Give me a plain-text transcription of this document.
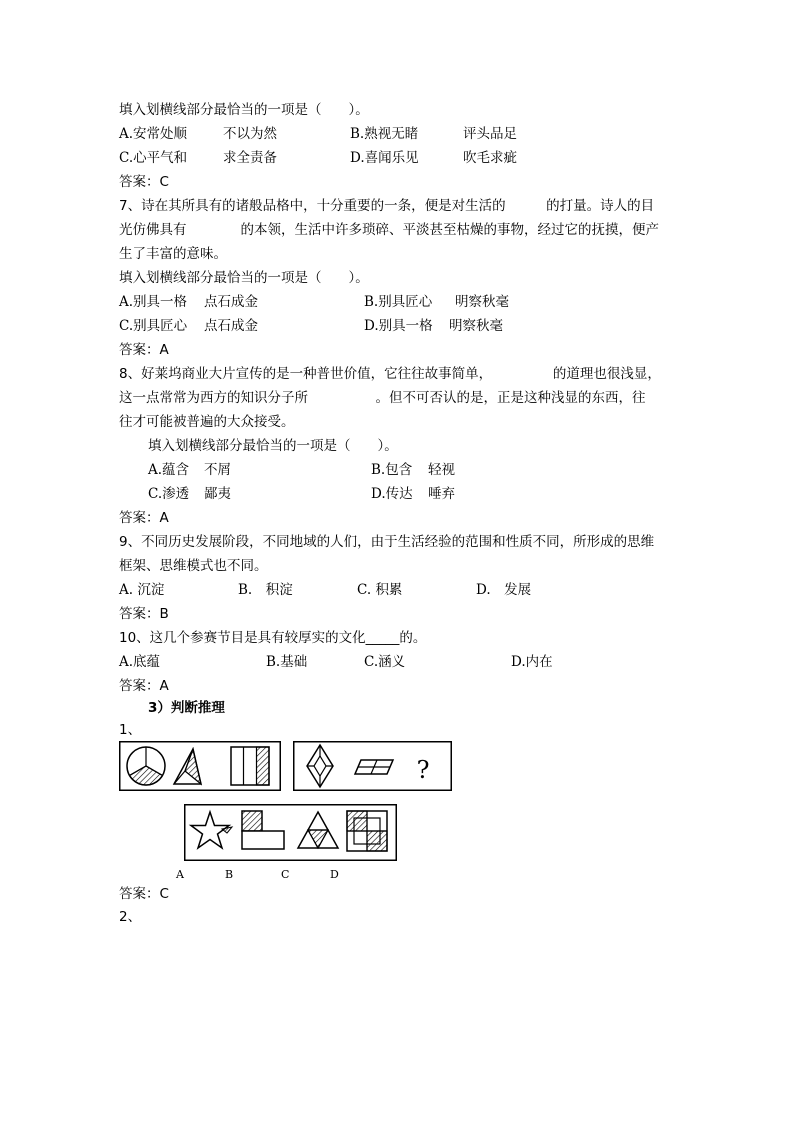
填入划横线部分最恰当的一项是（　　）。
A.安常处顺	不以为然	B.熟视无睹	评头品足
C.心平气和	求全责备	D.喜闻乐见	吹毛求疵
答案：C
7、诗在其所具有的诸般品格中，十分重要的一条，便是对生活的　　　的打量。诗人的目
光仿佛具有　　　　的本领，生活中许多琐碎、平淡甚至枯燥的事物，经过它的抚摸，便产
生了丰富的意味。
填入划横线部分最恰当的一项是（　　）。
A.别具一格 点石成金	B.别具匠心 明察秋毫
C.别具匠心 点石成金	D.别具一格 明察秋毫
答案：A
8、好莱坞商业大片宣传的是一种普世价值，它往往故事简单，　　　　　的道理也很浅显，
这一点常常为西方的知识分子所　　　　　。但不可否认的是，正是这种浅显的东西，往
往才可能被普遍的大众接受。
填入划横线部分最恰当的一项是（　　）。
A.蕴含 不屑	B.包含 轻视
C.渗透 鄙夷	D.传达 唾弃
答案：A
9、不同历史发展阶段，不同地域的人们，由于生活经验的范围和性质不同，所形成的思维
框架、思维模式也不同。
A. 沉淀	B.　 积淀	C. 积累	D.　 发展
答案：B
10、这几个参赛节目是具有较厚实的文化_____的。
A.底蕴	B.基础	C.涵义	D.内在
答案：A
3）判断推理
1、
?
A	B	C	D
答案：C
2、
